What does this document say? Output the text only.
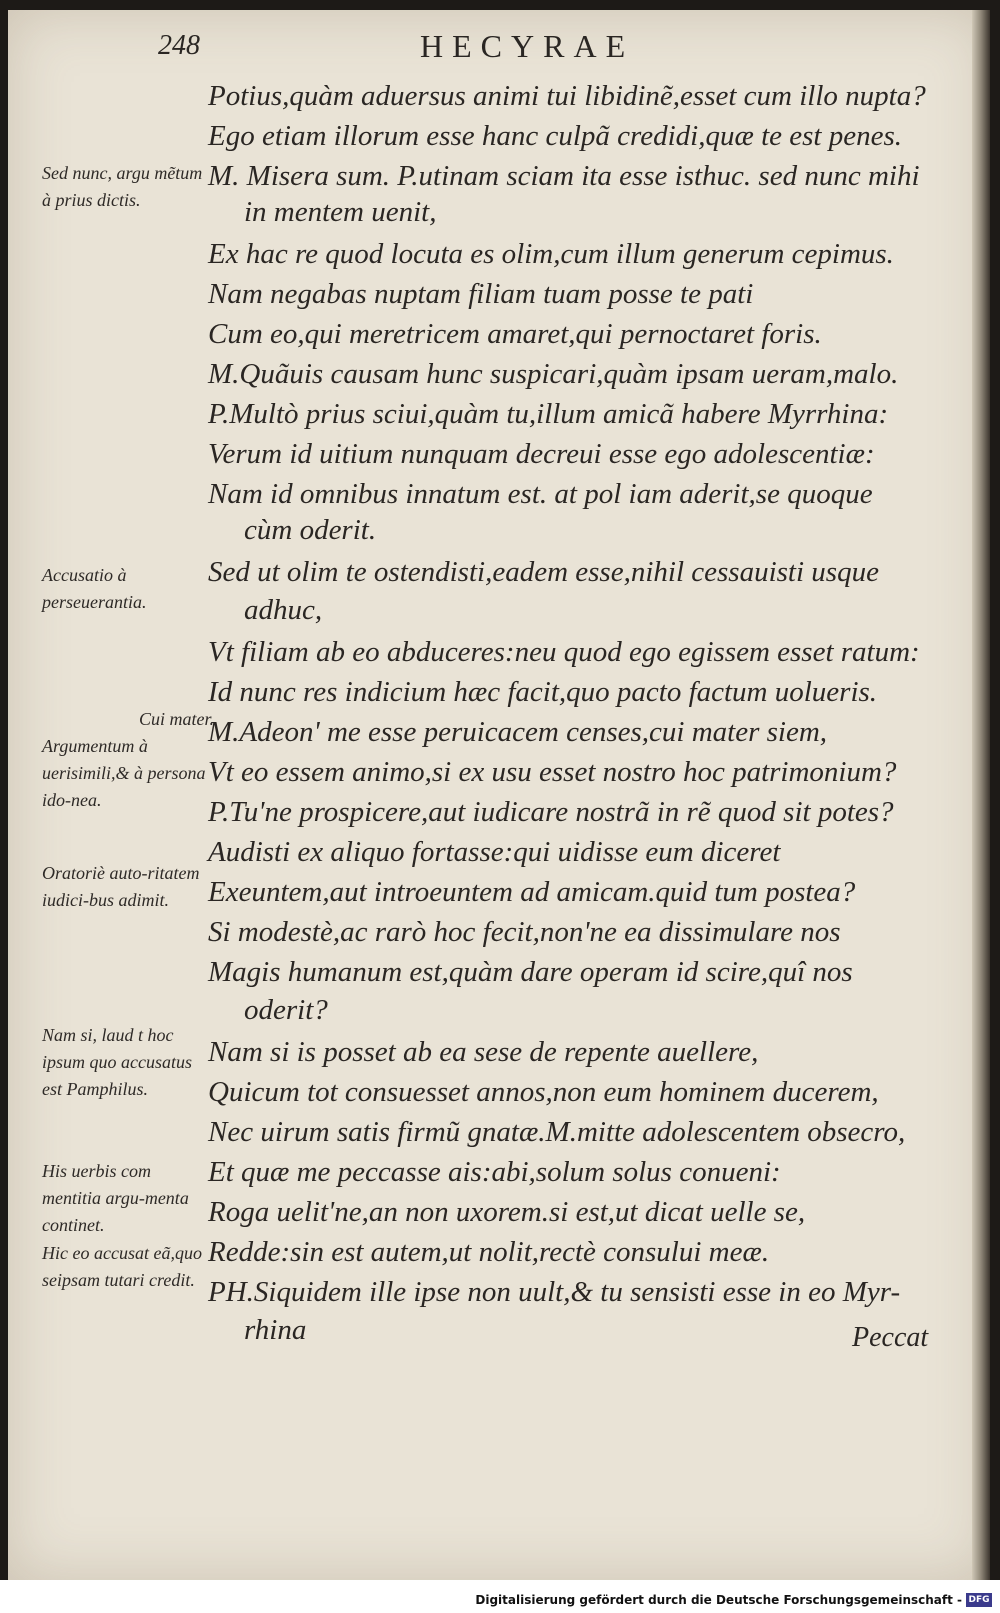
248	HECYRAE
Sed nunc, argu mẽtum à prius dictis.
Accusatio à perseuerantia.
Cui mater.
Argumentum à uerisimili,& à persona ido-nea.
Oratoriè auto-ritatem iudici-bus adimit.
Nam si, laud t hoc ipsum quo accusatus est Pamphilus.
His uerbis com mentitia argu-menta continet.
Hic eo accusat eã,quo seipsam tutari credit.
Potius,quàm aduersus animi tui libidinẽ,esset cum illo nupta?
Ego etiam illorum esse hanc culpã credidi,quæ te est penes.
M. Misera sum. P.utinam sciam ita esse isthuc. sed nunc mihi
in mentem uenit,
Ex hac re quod locuta es olim,cum illum generum cepimus.
Nam negabas nuptam filiam tuam posse te pati
Cum eo,qui meretricem amaret,qui pernoctaret foris.
M.Quãuis causam hunc suspicari,quàm ipsam ueram,malo.
P.Multò prius sciui,quàm tu,illum amicã habere Myrrhina:
Verum id uitium nunquam decreui esse ego adolescentiæ:
Nam id omnibus innatum est. at pol iam aderit,se quoque
cùm oderit.
Sed ut olim te ostendisti,eadem esse,nihil cessauisti usque
adhuc,
Vt filiam ab eo abduceres:neu quod ego egissem esset ratum:
Id nunc res indicium hæc facit,quo pacto factum uolueris.
M.Adeon' me esse peruicacem censes,cui mater siem,
Vt eo essem animo,si ex usu esset nostro hoc patrimonium?
P.Tu'ne prospicere,aut iudicare nostrã in rẽ quod sit potes?
Audisti ex aliquo fortasse:qui uidisse eum diceret
Exeuntem,aut introeuntem ad amicam.quid tum postea?
Si modestè,ac rarò hoc fecit,non'ne ea dissimulare nos
Magis humanum est,quàm dare operam id scire,quî nos
oderit?
Nam si is posset ab ea sese de repente auellere,
Quicum tot consuesset annos,non eum hominem ducerem,
Nec uirum satis firmũ gnatæ.M.mitte adolescentem obsecro,
Et quæ me peccasse ais:abi,solum solus conueni:
Roga uelit'ne,an non uxorem.si est,ut dicat uelle se,
Redde:sin est autem,ut nolit,rectè consului meæ.
PH.Siquidem ille ipse non uult,& tu sensisti esse in eo Myr-
rhina	Peccat
Digitalisierung gefördert durch die Deutsche Forschungsgemeinschaft - DFG
